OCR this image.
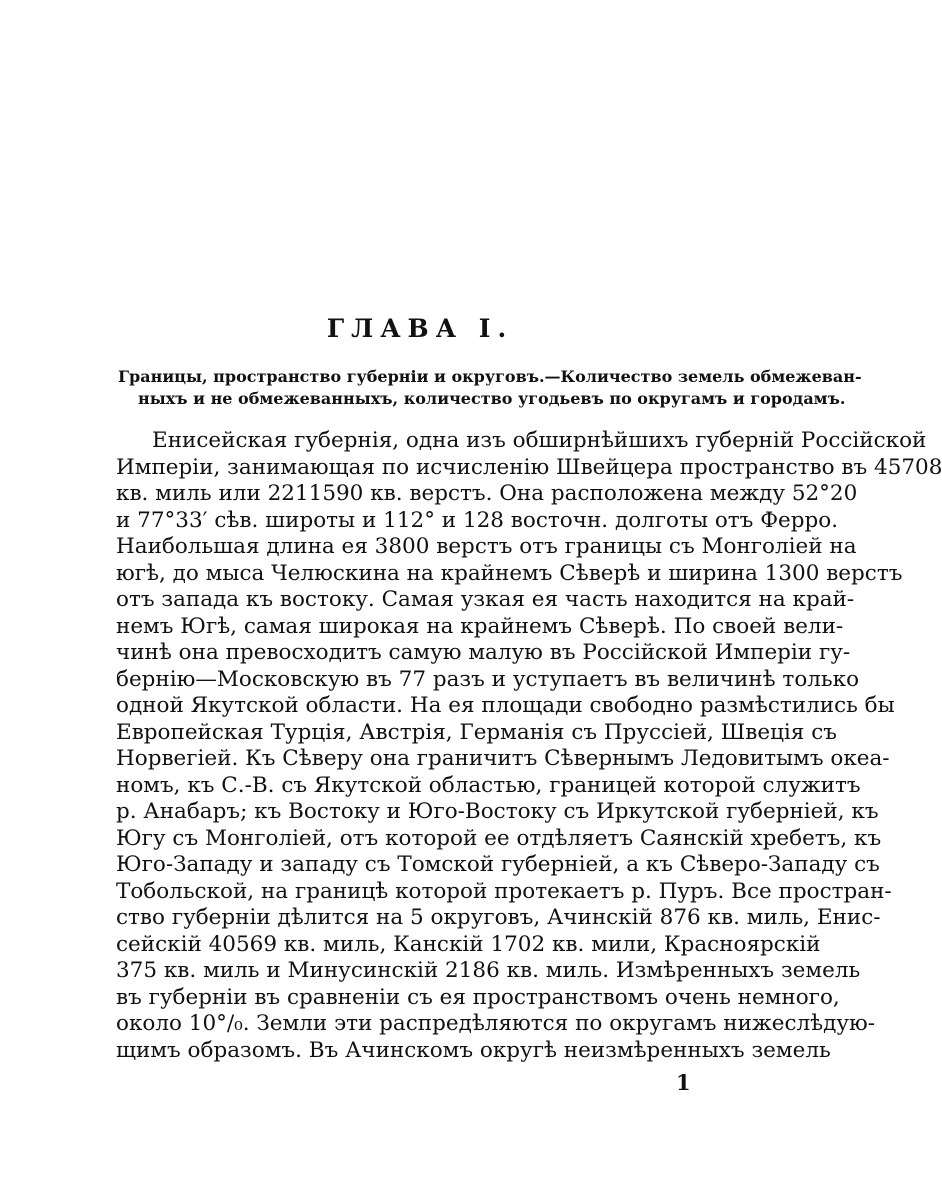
ГЛАВА I.
Границы, пространство губерніи и округовъ.—Количество земель обмежеван-
ныхъ и не обмежеванныхъ, количество угодьевъ по округамъ и городамъ.
Енисейская губернія, одна изъ обширнѣйшихъ губерній Россійской
Имперіи, занимающая по исчисленію Швейцера пространство въ 45708
кв. миль или 2211590 кв. верстъ. Она расположена между 52°20
и 77°33′ сѣв. широты и 112° и 128 восточн. долготы отъ Ферро.
Наибольшая длина ея 3800 верстъ отъ границы съ Монголіей на
югѣ, до мыса Челюскина на крайнемъ Сѣверѣ и ширина 1300 верстъ
отъ запада къ востоку. Самая узкая ея часть находится на край-
немъ Югѣ, самая широкая на крайнемъ Сѣверѣ. По своей вели-
чинѣ она превосходитъ самую малую въ Россійской Имперіи гу-
бернію—Московскую въ 77 разъ и уступаетъ въ величинѣ только
одной Якутской области. На ея площади свободно размѣстились бы
Европейская Турція, Австрія, Германія съ Пруссіей, Швеція съ
Норвегіей. Къ Сѣверу она граничитъ Сѣвернымъ Ледовитымъ океа-
номъ, къ С.-В. съ Якутской областью, границей которой служитъ
р. Анабаръ; къ Востоку и Юго-Востоку съ Иркутской губерніей, къ
Югу съ Монголіей, отъ которой ее отдѣляетъ Саянскій хребетъ, къ
Юго-Западу и западу съ Томской губерніей, а къ Сѣверо-Западу съ
Тобольской, на границѣ которой протекаетъ р. Пуръ. Все простран-
ство губерніи дѣлится на 5 округовъ, Ачинскій 876 кв. миль, Енис-
сейскій 40569 кв. миль, Канскій 1702 кв. мили, Красноярскій
375 кв. миль и Минусинскій 2186 кв. миль. Измѣренныхъ земель
въ губерніи въ сравненіи съ ея пространствомъ очень немного,
около 10°/₀. Земли эти распредѣляются по округамъ нижеслѣдую-
щимъ образомъ. Въ Ачинскомъ округѣ неизмѣренныхъ земель
1
